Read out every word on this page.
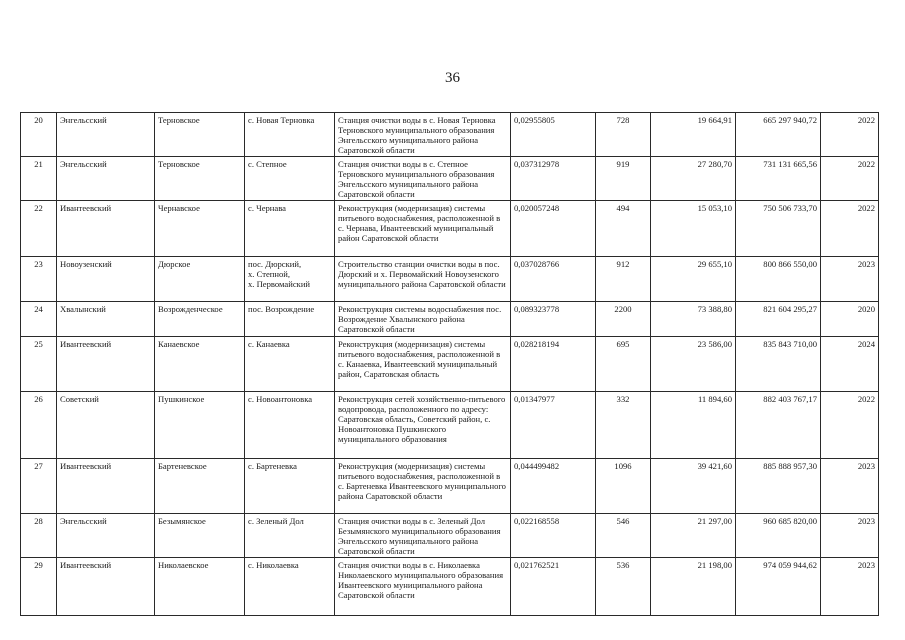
36
20	Энгельсский	Терновское	с. Новая Терновка	Станция очистки воды в с. Новая Терновка Терновского муниципального образования Энгельсского муниципального района Саратовской области	0,02955805	728	19 664,91	665 297 940,72	2022
21	Энгельсский	Терновское	с. Степное	Станция очистки воды в с. Степное Терновского муниципального образования Энгельсского муниципального района Саратовской области	0,037312978	919	27 280,70	731 131 665,56	2022
22	Ивантеевский	Чернавское	с. Чернава	Реконструкция (модернизация) системы питьевого водоснабжения, расположенной в с. Чернава, Ивантеевский муниципальный район Саратовской области	0,020057248	494	15 053,10	750 506 733,70	2022
23	Новоузенский	Дюрское	пос. Дюрский,
х. Степной,
х. Первомайский	Строительство станции очистки воды в пос. Дюрский и х. Первомайский Новоузенского муниципального района Саратовской области	0,037028766	912	29 655,10	800 866 550,00	2023
24	Хвалынский	Возрожденческое	пос. Возрождение	Реконструкция системы водоснабжения пос. Возрождение Хвалынского района Саратовской области	0,089323778	2200	73 388,80	821 604 295,27	2020
25	Ивантеевский	Канаевское	с. Канаевка	Реконструкция (модернизация) системы питьевого водоснабжения, расположенной в с. Канаевка, Ивантеевский муниципальный район, Саратовская область	0,028218194	695	23 586,00	835 843 710,00	2024
26	Советский	Пушкинское	с. Новоантоновка	Реконструкция сетей хозяйственно-питьевого водопровода, расположенного по адресу: Саратовская область, Советский район, с. Новоантоновка Пушкинского муниципального образования	0,01347977	332	11 894,60	882 403 767,17	2022
27	Ивантеевский	Бартеневское	с. Бартеневка	Реконструкция (модернизация) системы питьевого водоснабжения, расположенной в с. Бартеневка Ивантеевского муниципального района Саратовской области	0,044499482	1096	39 421,60	885 888 957,30	2023
28	Энгельсский	Безымянское	с. Зеленый Дол	Станция очистки воды в с. Зеленый Дол Безымянского муниципального образования Энгельсского муниципального района Саратовской области	0,022168558	546	21 297,00	960 685 820,00	2023
29	Ивантеевский	Николаевское	с. Николаевка	Станция очистки воды в с. Николаевка Николаевского муниципального образования Ивантеевского муниципального района Саратовской области	0,021762521	536	21 198,00	974 059 944,62	2023
